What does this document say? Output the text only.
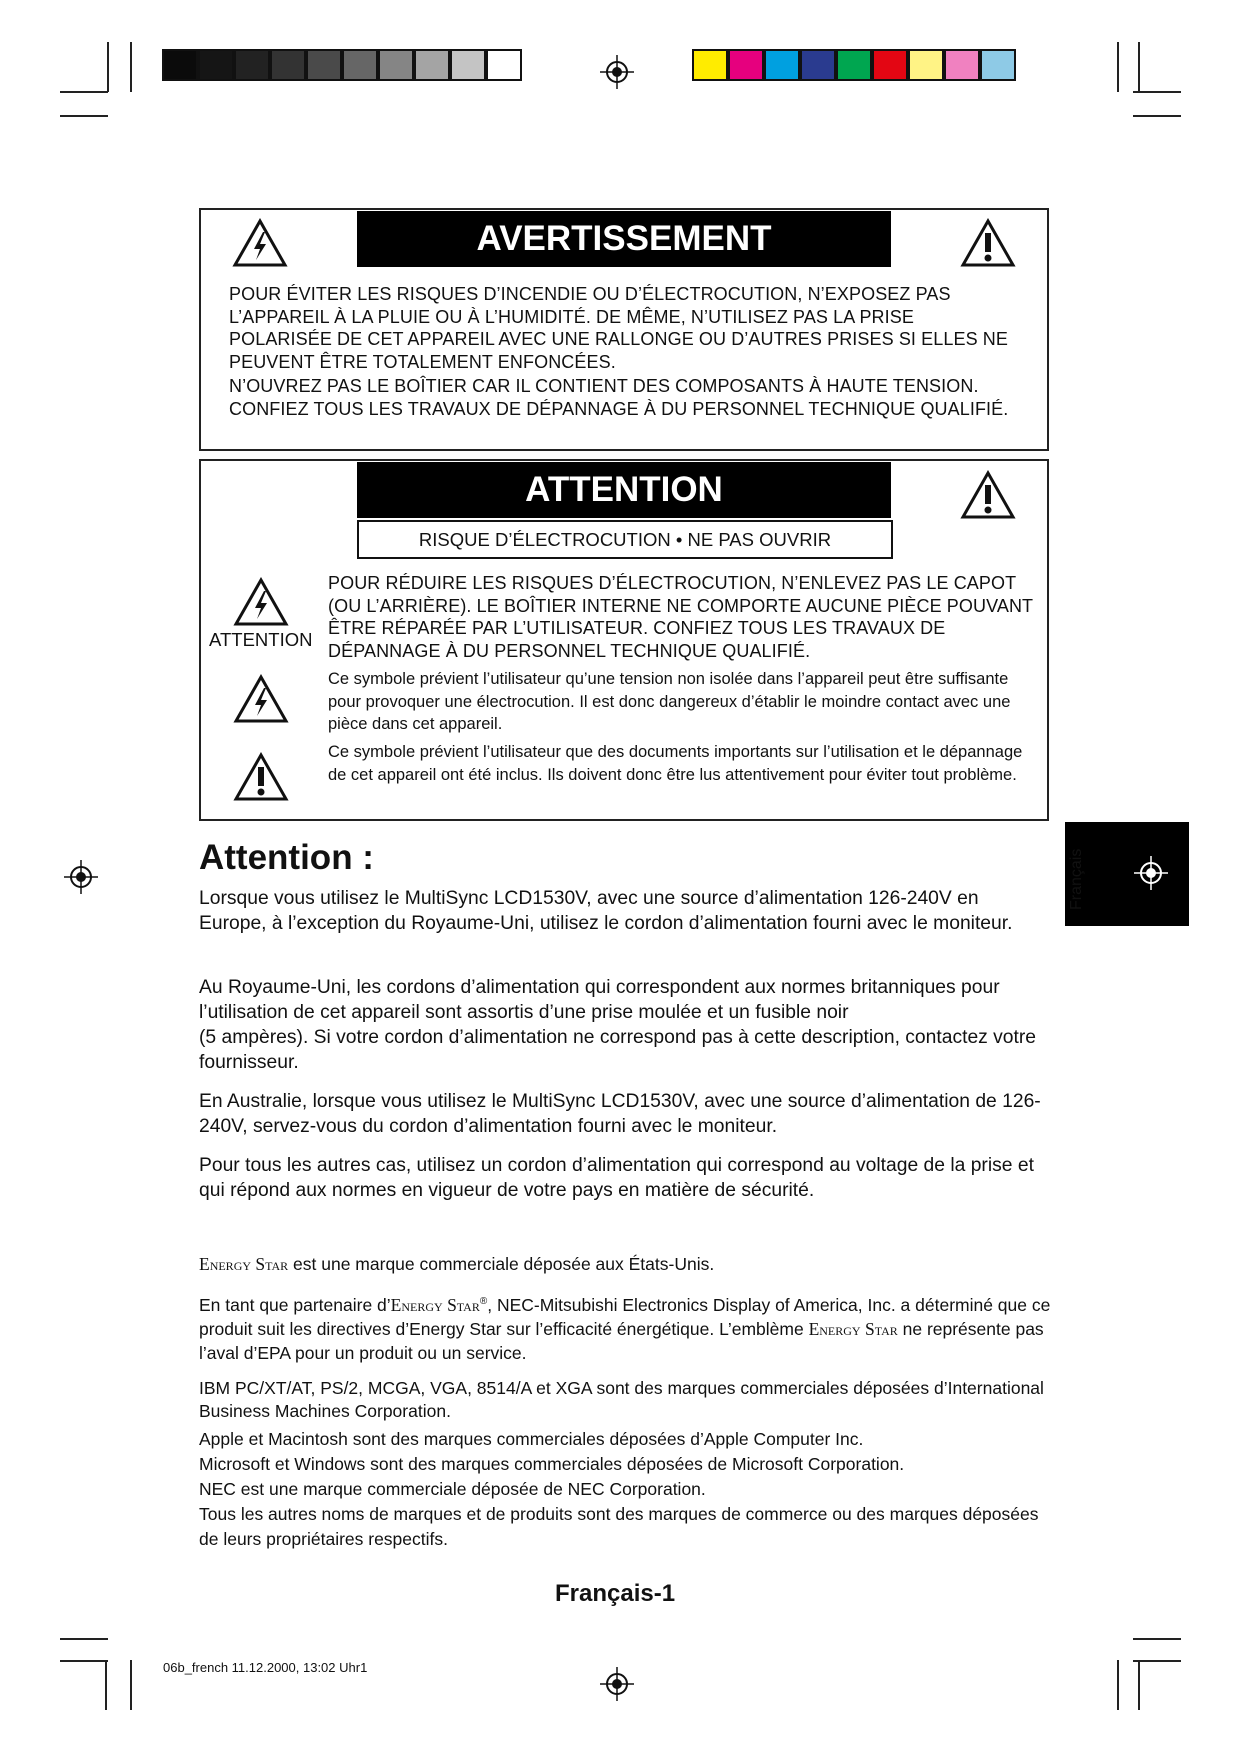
AVERTISSEMENT

POUR ÉVITER LES RISQUES D’INCENDIE OU D’ÉLECTROCUTION, N’EXPOSEZ PAS L’APPAREIL À LA PLUIE OU À L’HUMIDITÉ. DE MÊME, N’UTILISEZ PAS LA PRISE POLARISÉE DE CET APPAREIL AVEC UNE RALLONGE OU D’AUTRES PRISES SI ELLES NE PEUVENT ÊTRE TOTALEMENT ENFONCÉES.

N’OUVREZ PAS LE BOÎTIER CAR IL CONTIENT DES COMPOSANTS À HAUTE TENSION. CONFIEZ TOUS LES TRAVAUX DE DÉPANNAGE À DU PERSONNEL TECHNIQUE QUALIFIÉ.

ATTENTION
RISQUE D’ÉLECTROCUTION • NE PAS OUVRIR
ATTENTION
POUR RÉDUIRE LES RISQUES D’ÉLECTROCUTION, N’ENLEVEZ PAS LE CAPOT (OU L’ARRIÈRE). LE BOÎTIER INTERNE NE COMPORTE AUCUNE PIÈCE POUVANT ÊTRE RÉPARÉE PAR L’UTILISATEUR. CONFIEZ TOUS LES TRAVAUX DE DÉPANNAGE À DU PERSONNEL TECHNIQUE QUALIFIÉ.
Ce symbole prévient l’utilisateur qu’une tension non isolée dans l’appareil peut être suffisante pour provoquer une électrocution. Il est donc dangereux d’établir le moindre contact avec une pièce dans cet appareil.
Ce symbole prévient l’utilisateur que des documents importants sur l’utilisation et le dépannage de cet appareil ont été inclus. Ils doivent donc être lus attentivement pour éviter tout problème.
Français
Attention :

Lorsque vous utilisez le MultiSync LCD1530V, avec une source d’alimentation 126-240V en Europe, à l’exception du Royaume-Uni, utilisez le cordon d’alimentation fourni avec le moniteur.

Au Royaume-Uni, les cordons d’alimentation qui correspondent aux normes britanniques pour l’utilisation de cet appareil sont assortis d’une prise moulée et un fusible noir

(5 ampères). Si votre cordon d’alimentation ne correspond pas à cette description, contactez votre fournisseur.

En Australie, lorsque vous utilisez le MultiSync LCD1530V, avec une source d’alimentation de 126-240V, servez-vous du cordon d’alimentation fourni avec le moniteur.

Pour tous les autres cas, utilisez un cordon d’alimentation qui correspond au voltage de la prise et qui répond aux normes en vigueur de votre pays en matière de sécurité.

Energy Star est une marque commerciale déposée aux États-Unis.

En tant que partenaire d’Energy Star®, NEC-Mitsubishi Electronics Display of America, Inc. a déterminé que ce produit suit les directives d’Energy Star sur l’efficacité énergétique. L’emblème Energy Star ne représente pas l’aval d’EPA pour un produit ou un service.

IBM PC/XT/AT, PS/2, MCGA, VGA, 8514/A et XGA sont des marques commerciales déposées d’International Business Machines Corporation.

Apple et Macintosh sont des marques commerciales déposées d’Apple Computer Inc.

Microsoft et Windows sont des marques commerciales déposées de Microsoft Corporation.

NEC est une marque commerciale déposée de NEC Corporation.

Tous les autres noms de marques et de produits sont des marques de commerce ou des marques déposées de leurs propriétaires respectifs.

Français-1
06b_french 11.12.2000, 13:02 Uhr1
